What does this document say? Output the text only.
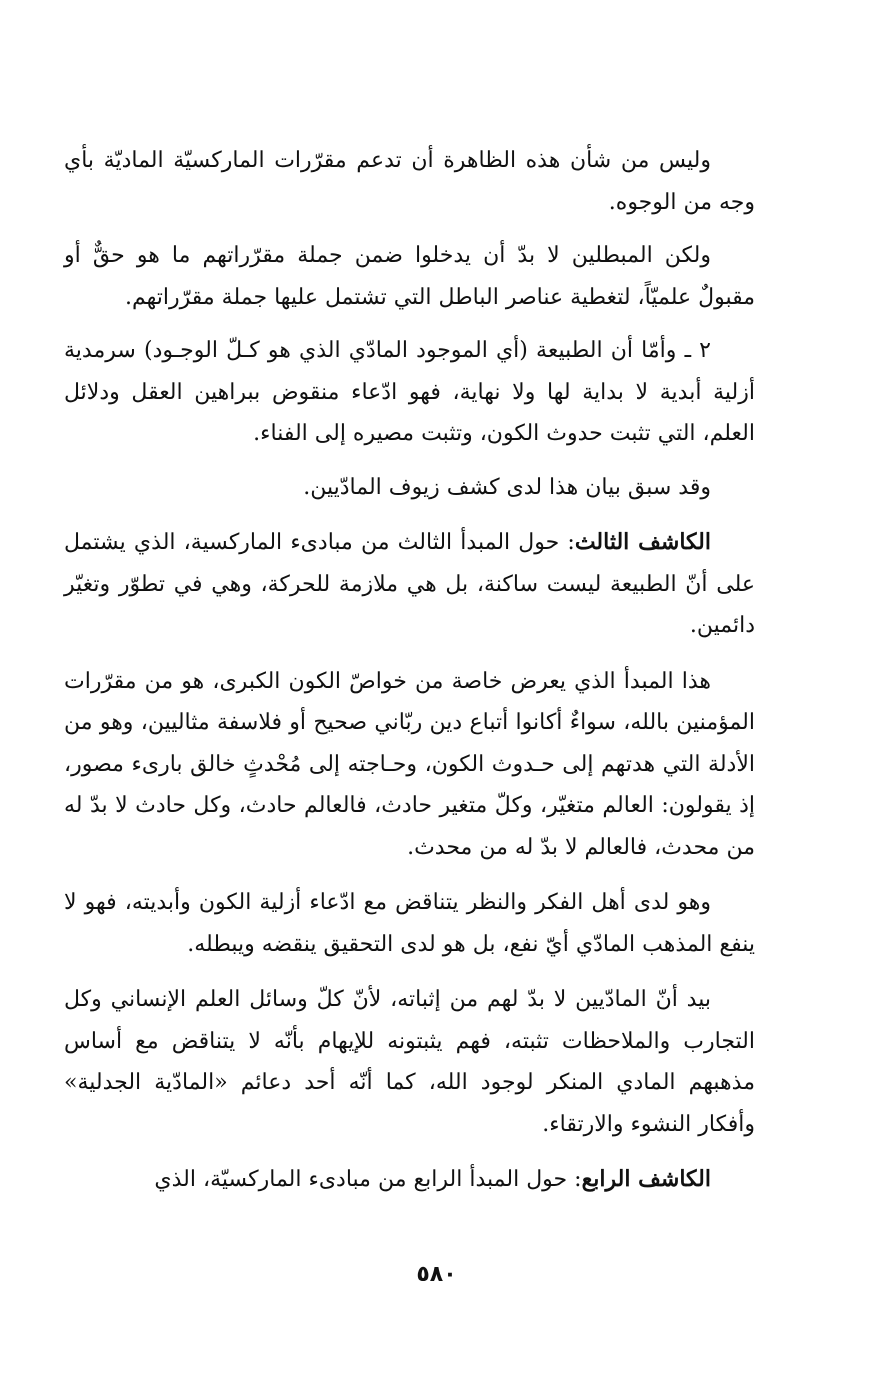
وليس من شأن هذه الظاهرة أن تدعم مقرّرات الماركسيّة الماديّة بأي وجه من الوجوه.

ولكن المبطلين لا بدّ أن يدخلوا ضمن جملة مقرّراتهم ما هو حقٌّ أو مقبولٌ علميّاً، لتغطية عناصر الباطل التي تشتمل عليها جملة مقرّراتهم.

٢ ـ وأمّا أن الطبيعة (أي الموجود المادّي الذي هو كـلّ الوجـود) سرمدية أزلية أبدية لا بداية لها ولا نهاية، فهو ادّعاء منقوض ببراهين العقل ودلائل العلم، التي تثبت حدوث الكون، وتثبت مصيره إلى الفناء.

وقد سبق بيان هذا لدى كشف زيوف المادّيين.

الكاشف الثالث: حول المبدأ الثالث من مبادىء الماركسية، الذي يشتمل على أنّ الطبيعة ليست ساكنة، بل هي ملازمة للحركة، وهي في تطوّر وتغيّر دائمين.

هذا المبدأ الذي يعرض خاصة من خواصّ الكون الكبرى، هو من مقرّرات المؤمنين بالله، سواءٌ أكانوا أتباع دين ربّاني صحيح أو فلاسفة مثاليين، وهو من الأدلة التي هدتهم إلى حـدوث الكون، وحـاجته إلى مُحْدثٍ خالق بارىء مصور، إذ يقولون: العالم متغيّر، وكلّ متغير حادث، فالعالم حادث، وكل حادث لا بدّ له من محدث، فالعالم لا بدّ له من محدث.

وهو لدى أهل الفكر والنظر يتناقض مع ادّعاء أزلية الكون وأبديته، فهو لا ينفع المذهب المادّي أيّ نفع، بل هو لدى التحقيق ينقضه ويبطله.

بيد أنّ المادّيين لا بدّ لهم من إثباته، لأنّ كلّ وسائل العلم الإنساني وكل التجارب والملاحظات تثبته، فهم يثبتونه للإيهام بأنّه لا يتناقض مع أساس مذهبهم المادي المنكر لوجود الله، كما أنّه أحد دعائم «المادّية الجدلية» وأفكار النشوء والارتقاء.

الكاشف الرابع: حول المبدأ الرابع من مبادىء الماركسيّة، الذي

٥٨٠
